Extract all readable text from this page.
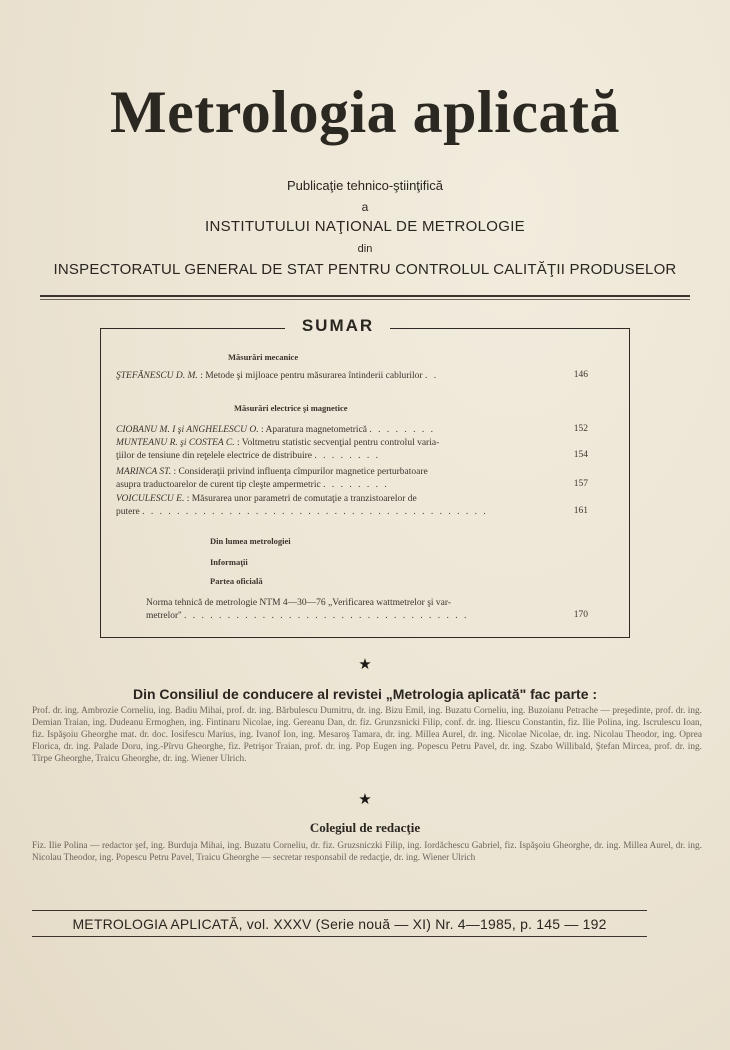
Metrologia aplicată
Publicaţie tehnico-ştiinţifică
a
INSTITUTULUI NAŢIONAL DE METROLOGIE
din
INSPECTORATUL GENERAL DE STAT PENTRU CONTROLUL CALITĂŢII PRODUSELOR
SUMAR
Măsurări mecanice
ŞTEFĂNESCU D. M. : Metode şi mijloace pentru măsurarea întinderii cablurilor . .	146
Măsurări electrice şi magnetice
CIOBANU M. I şi ANGHELESCU O. : Aparatura magnetometrică . . . . . . . .	152
MUNTEANU R. şi COSTEA C. : Voltmetru statistic secvenţial pentru controlul varia-
ţiilor de tensiune din reţelele electrice de distribuire . . . . . . . .	154
MARINCA ST. : Consideraţii privind influenţa cîmpurilor magnetice perturbatoare
asupra traductoarelor de curent tip cleşte ampermetric . . . . . . . .	157
VOICULESCU E. : Măsurarea unor parametri de comutaţie a tranzistoarelor de
putere . . . . . . . . . . . . . . . . . . . . . . . . . . . . . . . . . . . . . . . .	161
Din lumea metrologiei
Informaţii
Partea oficială
Norma tehnică de metrologie NTM 4—30—76 „Verificarea wattmetrelor şi var-
metrelor'' . . . . . . . . . . . . . . . . . . . . . . . . . . . . . . . . .	170
★
Din Consiliul de conducere al revistei „Metrologia aplicată" fac parte :
Prof. dr. ing. Ambrozie Corneliu, ing. Badiu Mihai, prof. dr. ing. Bărbulescu Dumitru, dr. ing. Bizu Emil, ing. Buzatu Corneliu, ing. Buzoianu Petrache — preşedinte, prof. dr. ing. Demian Traian, ing. Dudeanu Ermoghen, ing. Fintinaru Nicolae, ing. Gereanu Dan, dr. fiz. Grunzsnicki Filip, conf. dr. ing. Iliescu Constantin, fiz. Ilie Polina, ing. Iscrulescu Ioan, fiz. Ispăşoiu Gheorghe mat. dr. doc. Iosifescu Marius, ing. Ivanof Ion, ing. Mesaroş Tamara, dr. ing. Millea Aurel, dr. ing. Nicolae Nicolae, dr. ing. Nicolau Theodor, ing. Oprea Florica, dr. ing. Palade Doru, ing.-Pîrvu Gheorghe, fiz. Petrişor Traian, prof. dr. ing. Pop Eugen ing. Popescu Petru Pavel, dr. ing. Szabo Willibald, Ştefan Mircea, prof. dr. ing. Tîrpe Gheorghe, Traicu Gheorghe, dr. ing. Wiener Ulrich.
★
Colegiul de redacţie
Fiz. Ilie Polina — redactor şef, ing. Burduja Mihai, ing. Buzatu Corneliu, dr. fiz. Gruzsniczki Filip, ing. Iordăchescu Gabriel, fiz. Ispăşoiu Gheorghe, dr. ing. Millea Aurel, dr. ing. Nicolau Theodor, ing. Popescu Petru Pavel, Traicu Gheorghe — secretar responsabil de redacţie, dr. ing. Wiener Ulrich
METROLOGIA APLICATĂ, vol. XXXV (Serie nouă — XI) Nr. 4—1985, p. 145 — 192
